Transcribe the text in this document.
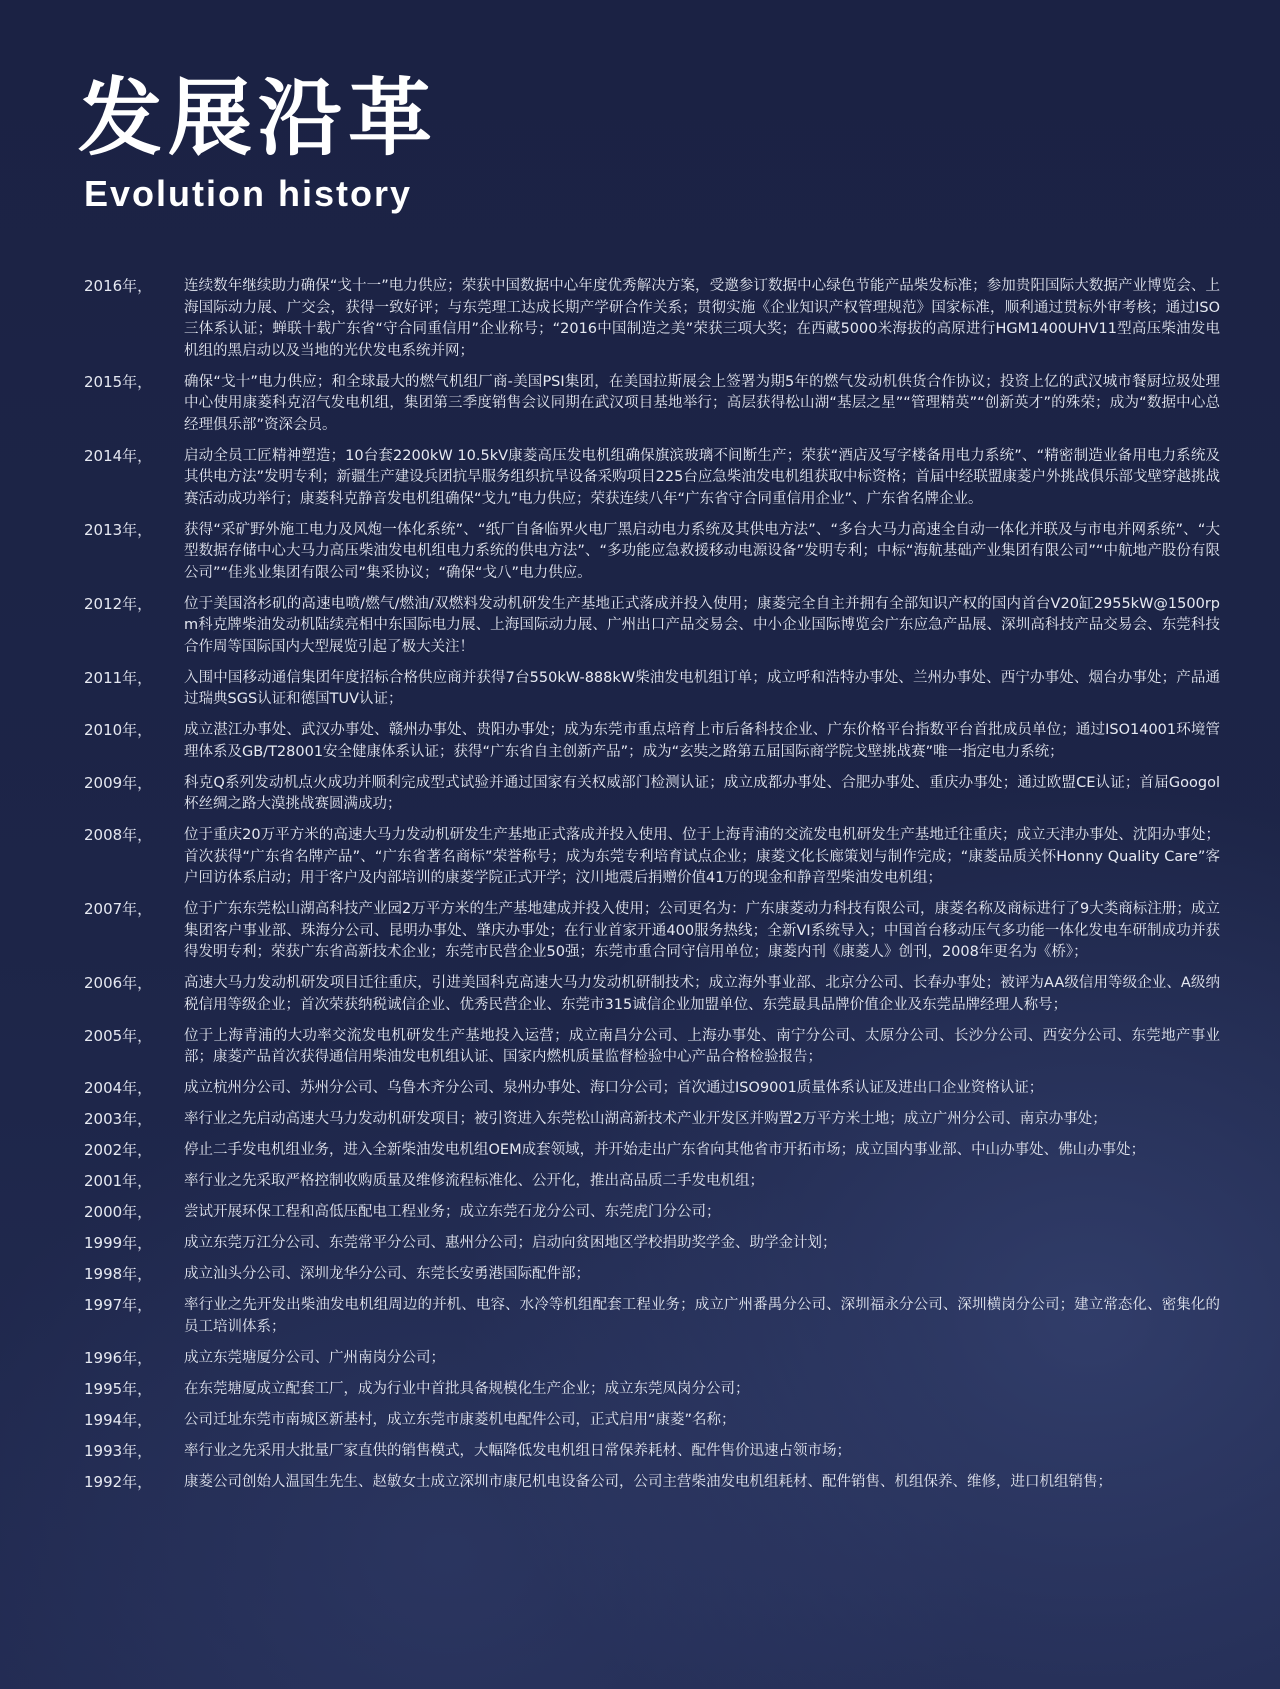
发展沿革
Evolution history
2016年，	连续数年继续助力确保“戈十一”电力供应；荣获中国数据中心年度优秀解决方案，受邀参订数据中心绿色节能产品柴发标准；参加贵阳国际大数据产业博览会、上海国际动力展、广交会，获得一致好评；与东莞理工达成长期产学研合作关系；贯彻实施《企业知识产权管理规范》国家标准，顺利通过贯标外审考核；通过ISO三体系认证；蝉联十载广东省“守合同重信用”企业称号；“2016中国制造之美”荣获三项大奖；在西藏5000米海拔的高原进行HGM1400UHV11型高压柴油发电机组的黑启动以及当地的光伏发电系统并网；
2015年，	确保“戈十”电力供应；和全球最大的燃气机组厂商-美国PSI集团，在美国拉斯展会上签署为期5年的燃气发动机供货合作协议；投资上亿的武汉城市餐厨垃圾处理中心使用康菱科克沼气发电机组，集团第三季度销售会议同期在武汉项目基地举行；高层获得松山湖“基层之星”“管理精英”“创新英才”的殊荣；成为“数据中心总经理俱乐部”资深会员。
2014年，	启动全员工匠精神塑造；10台套2200kW 10.5kV康菱高压发电机组确保旗滨玻璃不间断生产；荣获“酒店及写字楼备用电力系统”、“精密制造业备用电力系统及其供电方法”发明专利；新疆生产建设兵团抗旱服务组织抗旱设备采购项目225台应急柴油发电机组获取中标资格；首届中经联盟康菱户外挑战俱乐部戈壁穿越挑战赛活动成功举行；康菱科克静音发电机组确保“戈九”电力供应；荣获连续八年“广东省守合同重信用企业”、广东省名牌企业。
2013年，	获得“采矿野外施工电力及风炮一体化系统”、“纸厂自备临界火电厂黑启动电力系统及其供电方法”、“多台大马力高速全自动一体化并联及与市电并网系统”、“大型数据存储中心大马力高压柴油发电机组电力系统的供电方法”、“多功能应急救援移动电源设备”发明专利；中标“海航基础产业集团有限公司”“中航地产股份有限公司”“佳兆业集团有限公司”集采协议；“确保“戈八”电力供应。
2012年，	位于美国洛杉矶的高速电喷/燃气/燃油/双燃料发动机研发生产基地正式落成并投入使用；康菱完全自主并拥有全部知识产权的国内首台V20缸2955kW@1500rpm科克牌柴油发动机陆续亮相中东国际电力展、上海国际动力展、广州出口产品交易会、中小企业国际博览会广东应急产品展、深圳高科技产品交易会、东莞科技合作周等国际国内大型展览引起了极大关注！
2011年，	入围中国移动通信集团年度招标合格供应商并获得7台550kW-888kW柴油发电机组订单；成立呼和浩特办事处、兰州办事处、西宁办事处、烟台办事处；产品通过瑞典SGS认证和德国TUV认证；
2010年，	成立湛江办事处、武汉办事处、赣州办事处、贵阳办事处；成为东莞市重点培育上市后备科技企业、广东价格平台指数平台首批成员单位；通过ISO14001环境管理体系及GB/T28001安全健康体系认证；获得“广东省自主创新产品”；成为“玄奘之路第五届国际商学院戈壁挑战赛”唯一指定电力系统；
2009年，	科克Q系列发动机点火成功并顺利完成型式试验并通过国家有关权威部门检测认证；成立成都办事处、合肥办事处、重庆办事处；通过欧盟CE认证；首届Googol杯丝绸之路大漠挑战赛圆满成功；
2008年，	位于重庆20万平方米的高速大马力发动机研发生产基地正式落成并投入使用、位于上海青浦的交流发电机研发生产基地迁往重庆；成立天津办事处、沈阳办事处；首次获得“广东省名牌产品”、“广东省著名商标”荣誉称号；成为东莞专利培育试点企业；康菱文化长廊策划与制作完成；“康菱品质关怀Honny Quality Care”客户回访体系启动；用于客户及内部培训的康菱学院正式开学；汶川地震后捐赠价值41万的现金和静音型柴油发电机组；
2007年，	位于广东东莞松山湖高科技产业园2万平方米的生产基地建成并投入使用；公司更名为：广东康菱动力科技有限公司，康菱名称及商标进行了9大类商标注册；成立集团客户事业部、珠海分公司、昆明办事处、肇庆办事处；在行业首家开通400服务热线；全新VI系统导入；中国首台移动压气多功能一体化发电车研制成功并获得发明专利；荣获广东省高新技术企业；东莞市民营企业50强；东莞市重合同守信用单位；康菱内刊《康菱人》创刊，2008年更名为《桥》；
2006年，	高速大马力发动机研发项目迁往重庆，引进美国科克高速大马力发动机研制技术；成立海外事业部、北京分公司、长春办事处；被评为AA级信用等级企业、A级纳税信用等级企业；首次荣获纳税诚信企业、优秀民营企业、东莞市315诚信企业加盟单位、东莞最具品牌价值企业及东莞品牌经理人称号；
2005年，	位于上海青浦的大功率交流发电机研发生产基地投入运营；成立南昌分公司、上海办事处、南宁分公司、太原分公司、长沙分公司、西安分公司、东莞地产事业部；康菱产品首次获得通信用柴油发电机组认证、国家内燃机质量监督检验中心产品合格检验报告；
2004年，	成立杭州分公司、苏州分公司、乌鲁木齐分公司、泉州办事处、海口分公司；首次通过ISO9001质量体系认证及进出口企业资格认证；
2003年，	率行业之先启动高速大马力发动机研发项目；被引资进入东莞松山湖高新技术产业开发区并购置2万平方米土地；成立广州分公司、南京办事处；
2002年，	停止二手发电机组业务，进入全新柴油发电机组OEM成套领域，并开始走出广东省向其他省市开拓市场；成立国内事业部、中山办事处、佛山办事处；
2001年，	率行业之先采取严格控制收购质量及维修流程标准化、公开化，推出高品质二手发电机组；
2000年，	尝试开展环保工程和高低压配电工程业务；成立东莞石龙分公司、东莞虎门分公司；
1999年，	成立东莞万江分公司、东莞常平分公司、惠州分公司；启动向贫困地区学校捐助奖学金、助学金计划；
1998年，	成立汕头分公司、深圳龙华分公司、东莞长安勇港国际配件部；
1997年，	率行业之先开发出柴油发电机组周边的并机、电容、水冷等机组配套工程业务；成立广州番禺分公司、深圳福永分公司、深圳横岗分公司；建立常态化、密集化的员工培训体系；
1996年，	成立东莞塘厦分公司、广州南岗分公司；
1995年，	在东莞塘厦成立配套工厂，成为行业中首批具备规模化生产企业；成立东莞凤岗分公司；
1994年，	公司迁址东莞市南城区新基村，成立东莞市康菱机电配件公司，正式启用“康菱”名称；
1993年，	率行业之先采用大批量厂家直供的销售模式，大幅降低发电机组日常保养耗材、配件售价迅速占领市场；
1992年，	康菱公司创始人温国生先生、赵敏女士成立深圳市康尼机电设备公司，公司主营柴油发电机组耗材、配件销售、机组保养、维修，进口机组销售；
